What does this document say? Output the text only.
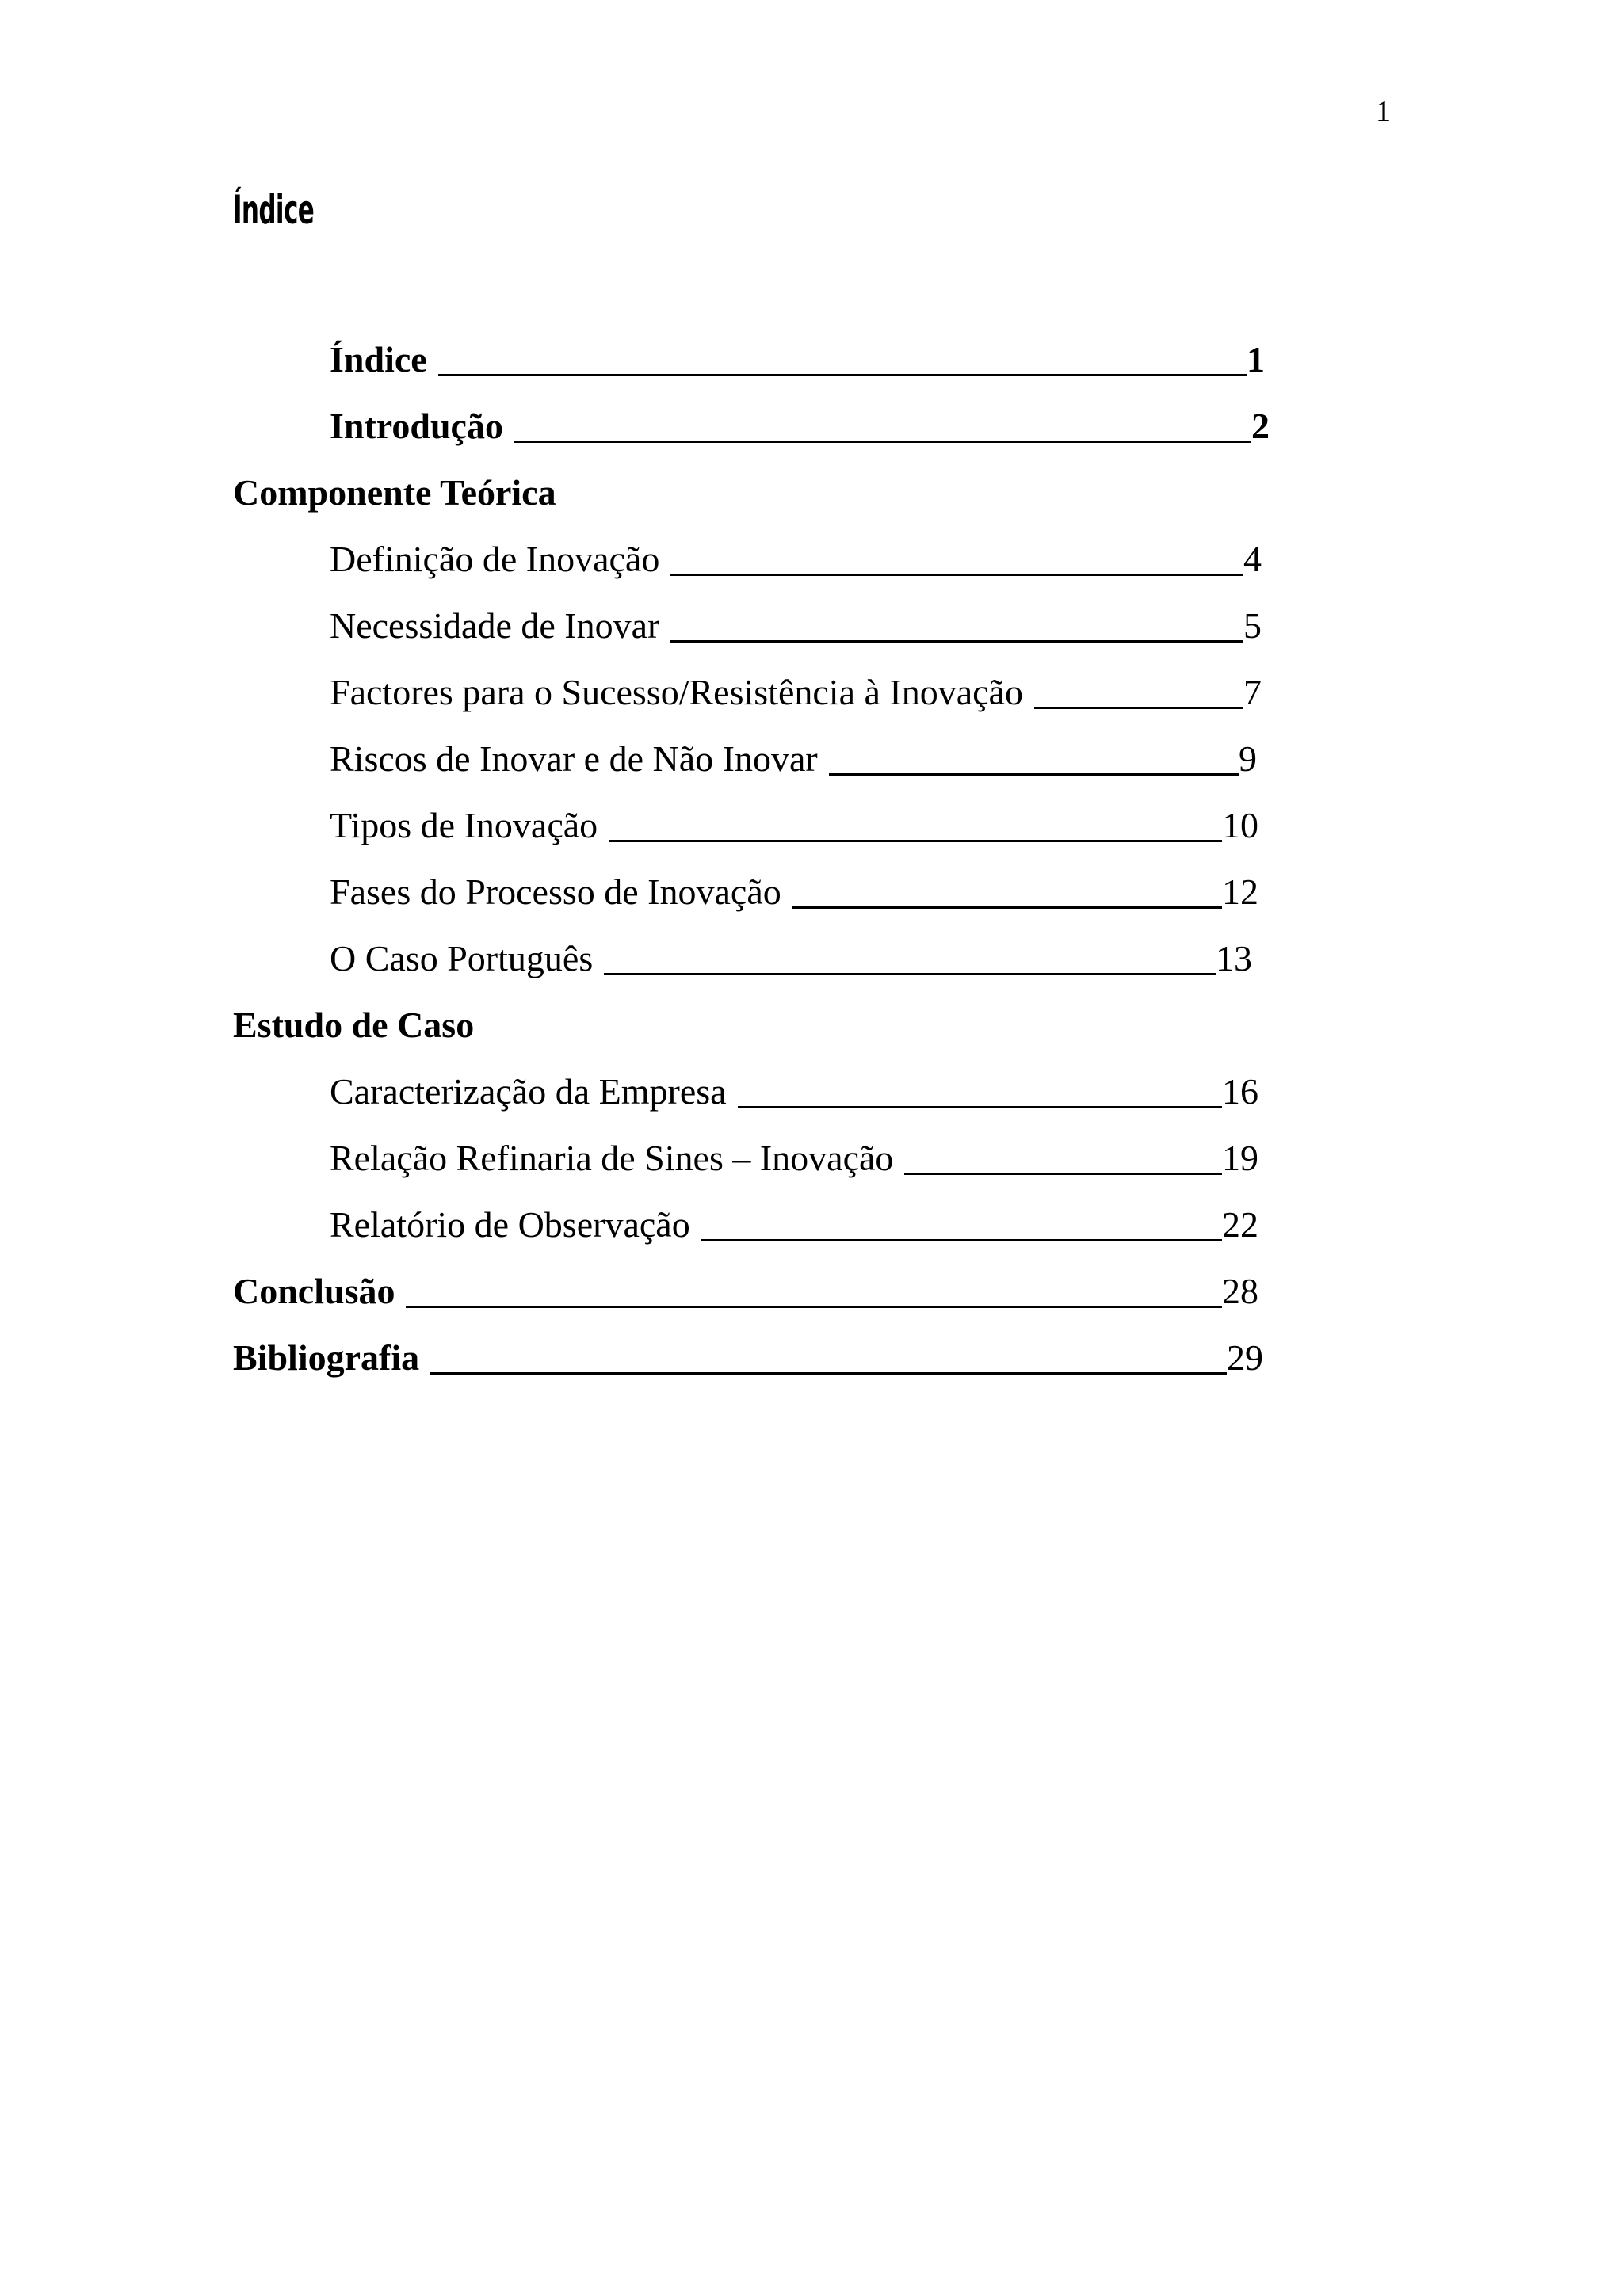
1
Índice
Índice	1
Introdução	2
Componente Teórica
Definição de Inovação	4
Necessidade de Inovar	5
Factores para o Sucesso/Resistência à Inovação	7
Riscos de Inovar e de Não Inovar	9
Tipos de Inovação	10
Fases do Processo de Inovação	12
O Caso Português	13
Estudo de Caso
Caracterização da Empresa	16
Relação Refinaria de Sines – Inovação	19
Relatório de Observação	22
Conclusão	28
Bibliografia	29
